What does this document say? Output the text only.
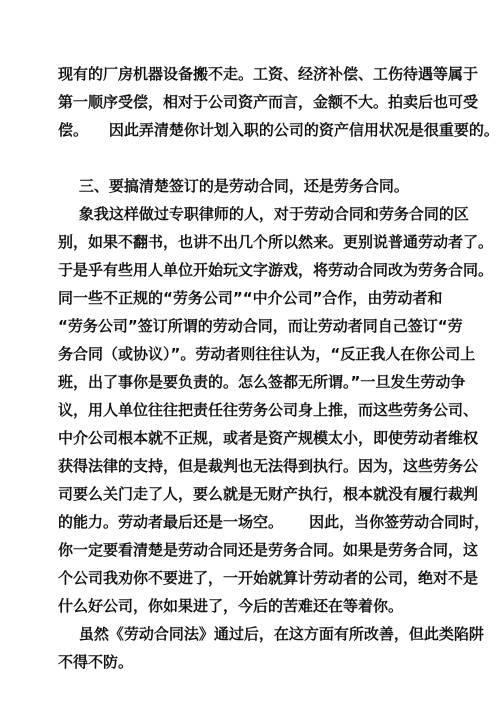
现有的厂房机器设备搬不走。工资、经济补偿、工伤待遇等属于
第一顺序受偿，相对于公司资产而言，金额不大。拍卖后也可受
偿。    因此弄清楚你计划入职的公司的资产信用状况是很重要的。
三、要搞清楚签订的是劳动合同，还是劳务合同。
象我这样做过专职律师的人，对于劳动合同和劳务合同的区
别，如果不翻书，也讲不出几个所以然来。更别说普通劳动者了。
于是乎有些用人单位开始玩文字游戏，将劳动合同改为劳务合同。
同一些不正规的“劳务公司”“中介公司”合作，由劳动者和
“劳务公司”签订所谓的劳动合同，而让劳动者同自己签订“劳
务合同（或协议）”。劳动者则往往认为，“反正我人在你公司上
班，出了事你是要负责的。怎么签都无所谓。”一旦发生劳动争
议，用人单位往往把责任往劳务公司身上推，而这些劳务公司、
中介公司根本就不正规，或者是资产规模太小，即使劳动者维权
获得法律的支持，但是裁判也无法得到执行。因为，这些劳务公
司要么关门走了人，要么就是无财产执行，根本就没有履行裁判
的能力。劳动者最后还是一场空。     因此，当你签劳动合同时，
你一定要看清楚是劳动合同还是劳务合同。如果是劳务合同，这
个公司我劝你不要进了，一开始就算计劳动者的公司，绝对不是
什么好公司，你如果进了，今后的苦难还在等着你。
虽然《劳动合同法》通过后，在这方面有所改善，但此类陷阱
不得不防。
